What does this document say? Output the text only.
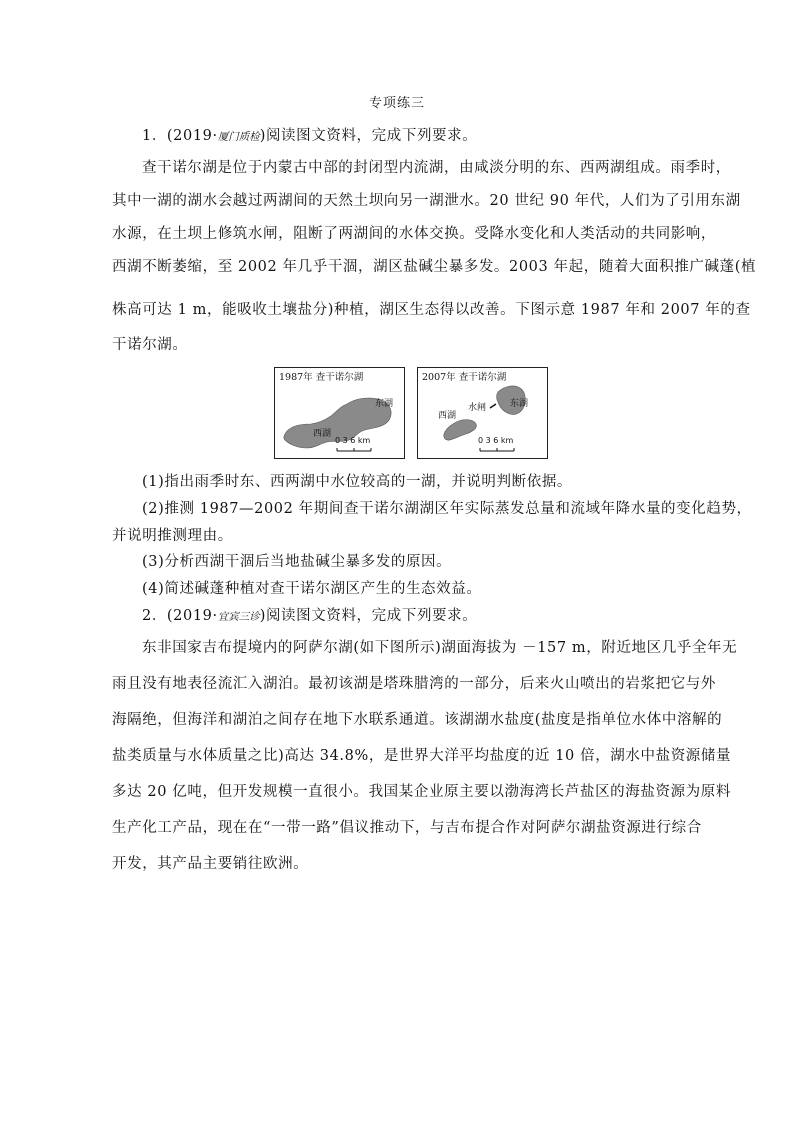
专项练三
1．(2019·厦门质检)阅读图文资料，完成下列要求。
查干诺尔湖是位于内蒙古中部的封闭型内流湖，由咸淡分明的东、西两湖组成。雨季时，
其中一湖的湖水会越过两湖间的天然土坝向另一湖泄水。20 世纪 90 年代，人们为了引用东湖
水源，在土坝上修筑水闸，阻断了两湖间的水体交换。受降水变化和人类活动的共同影响，
西湖不断萎缩，至 2002 年几乎干涸，湖区盐碱尘暴多发。2003 年起，随着大面积推广碱蓬(植
株高可达 1 m，能吸收土壤盐分)种植，湖区生态得以改善。下图示意 1987 年和 2007 年的查
干诺尔湖。
1987年 查干诺尔湖
东湖
西湖
0 3 6 km
2007年 查干诺尔湖
东湖
西湖
水闸
0 3 6 km
(1)指出雨季时东、西两湖中水位较高的一湖，并说明判断依据。
(2)推测 1987—2002 年期间查干诺尔湖湖区年实际蒸发总量和流域年降水量的变化趋势，
并说明推测理由。
(3)分析西湖干涸后当地盐碱尘暴多发的原因。
(4)简述碱蓬种植对查干诺尔湖区产生的生态效益。
2．(2019·宜宾三诊)阅读图文资料，完成下列要求。
东非国家吉布提境内的阿萨尔湖(如下图所示)湖面海拔为 －157 m，附近地区几乎全年无
雨且没有地表径流汇入湖泊。最初该湖是塔珠腊湾的一部分，后来火山喷出的岩浆把它与外
海隔绝，但海洋和湖泊之间存在地下水联系通道。该湖湖水盐度(盐度是指单位水体中溶解的
盐类质量与水体质量之比)高达 34.8%，是世界大洋平均盐度的近 10 倍，湖水中盐资源储量
多达 20 亿吨，但开发规模一直很小。我国某企业原主要以渤海湾长芦盐区的海盐资源为原料
生产化工产品，现在在“一带一路”倡议推动下，与吉布提合作对阿萨尔湖盐资源进行综合
开发，其产品主要销往欧洲。
